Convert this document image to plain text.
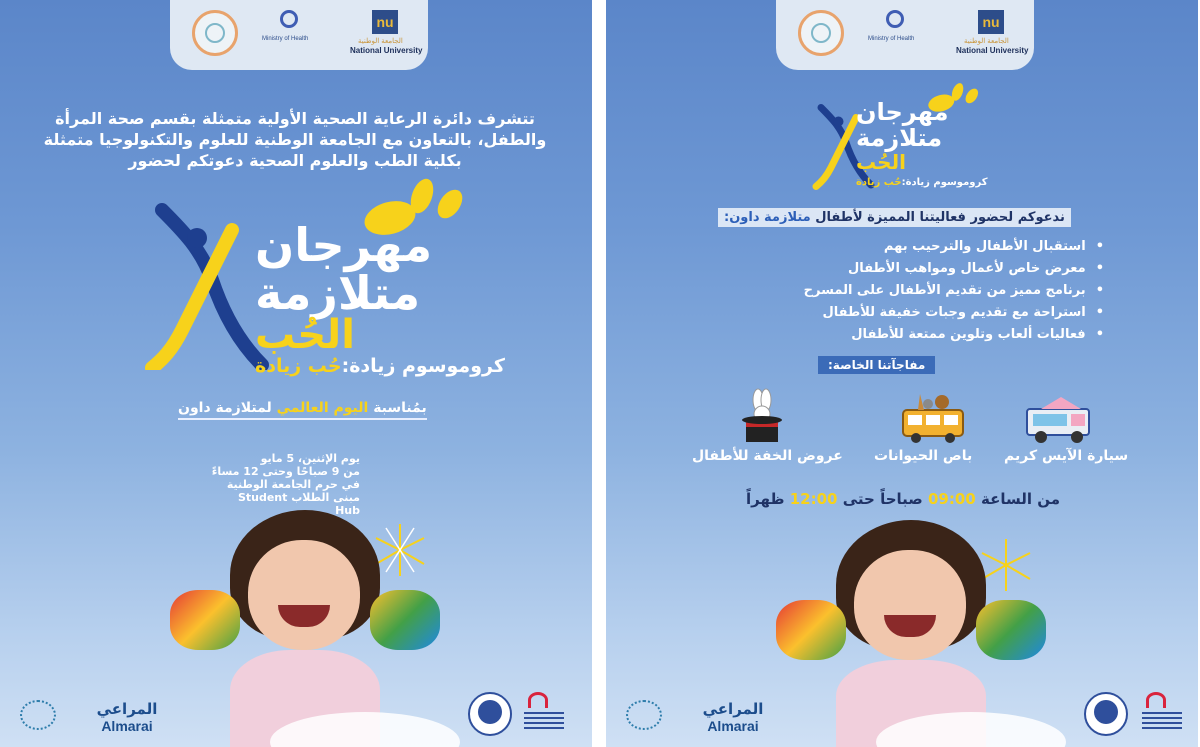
nu
الجامعة الوطنية
National University
Ministry of Health
تتشرف دائرة الرعاية الصحية الأولية متمثلة بقسم صحة المرأة
والطفل، بالتعاون مع الجامعة الوطنية للعلوم والتكنولوجيا متمثلة
بكلية الطب والعلوم الصحية دعوتكم لحضور
مهرجان
متلازمة
الحُب
كروموسوم زيادة:حُب زيادة
بمُناسبة اليوم العالمي لمتلازمة داون
يوم الإثنين، 5 مايو
من 9 صباحًا وحتى 12 مساءً
في حرم الجامعة الوطنية
مبنى الطلاب Student Hub
المراعي
Almarai
nu
الجامعة الوطنية
National University
Ministry of Health
مهرجان
متلازمة
الحُب
كروموسوم زيادة:حُب زيادة
ندعوكم لحضور فعاليتنا المميزة لأطفال متلازمة داون:
• استقبال الأطفال والترحيب بهم
• معرض خاص لأعمال ومواهب الأطفال
• برنامج مميز من تقديم الأطفال على المسرح
• استراحة مع تقديم وجبات خفيفة للأطفال
• فعاليات ألعاب وتلوين ممتعة للأطفال
مفاجآتنا الخاصة:
سيارة الآيس كريم
باص الحيوانات
عروض الخفة للأطفال
من الساعة 09:00 صباحاً حتى 12:00 ظهراً
المراعي
Almarai
